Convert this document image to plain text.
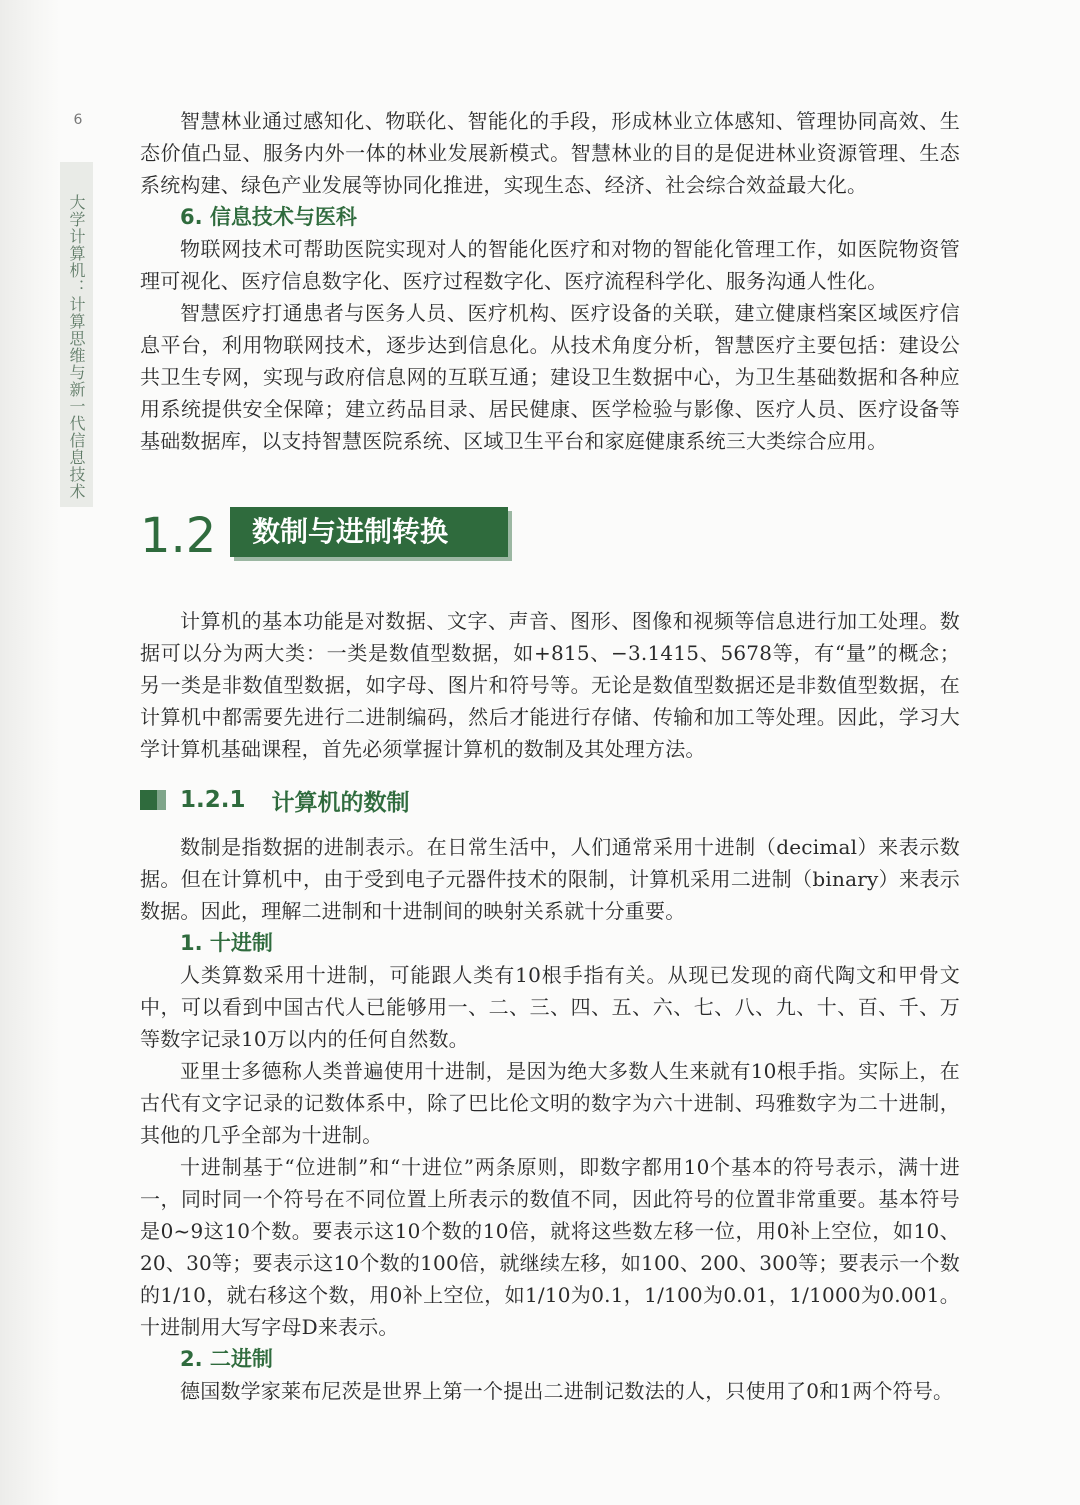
6
大学计算机：计算思维与新一代信息技术

智慧林业通过感知化、物联化、智能化的手段，形成林业立体感知、管理协同高效、生态价值凸显、服务内外一体的林业发展新模式。智慧林业的目的是促进林业资源管理、生态系统构建、绿色产业发展等协同化推进，实现生态、经济、社会综合效益最大化。

6. 信息技术与医科

物联网技术可帮助医院实现对人的智能化医疗和对物的智能化管理工作，如医院物资管理可视化、医疗信息数字化、医疗过程数字化、医疗流程科学化、服务沟通人性化。

智慧医疗打通患者与医务人员、医疗机构、医疗设备的关联，建立健康档案区域医疗信息平台，利用物联网技术，逐步达到信息化。从技术角度分析，智慧医疗主要包括：建设公共卫生专网，实现与政府信息网的互联互通；建设卫生数据中心，为卫生基础数据和各种应用系统提供安全保障；建立药品目录、居民健康、医学检验与影像、医疗人员、医疗设备等基础数据库，以支持智慧医院系统、区域卫生平台和家庭健康系统三大类综合应用。

1.2	数制与进制转换

计算机的基本功能是对数据、文字、声音、图形、图像和视频等信息进行加工处理。数据可以分为两大类：一类是数值型数据，如+815、−3.1415、5678等，有“量”的概念；另一类是非数值型数据，如字母、图片和符号等。无论是数值型数据还是非数值型数据，在计算机中都需要先进行二进制编码，然后才能进行存储、传输和加工等处理。因此，学习大学计算机基础课程，首先必须掌握计算机的数制及其处理方法。

1.2.1 计算机的数制

数制是指数据的进制表示。在日常生活中，人们通常采用十进制（decimal）来表示数据。但在计算机中，由于受到电子元器件技术的限制，计算机采用二进制（binary）来表示数据。因此，理解二进制和十进制间的映射关系就十分重要。

1. 十进制

人类算数采用十进制，可能跟人类有10根手指有关。从现已发现的商代陶文和甲骨文中，可以看到中国古代人已能够用一、二、三、四、五、六、七、八、九、十、百、千、万等数字记录10万以内的任何自然数。

亚里士多德称人类普遍使用十进制，是因为绝大多数人生来就有10根手指。实际上，在古代有文字记录的记数体系中，除了巴比伦文明的数字为六十进制、玛雅数字为二十进制，其他的几乎全部为十进制。

十进制基于“位进制”和“十进位”两条原则，即数字都用10个基本的符号表示，满十进一，同时同一个符号在不同位置上所表示的数值不同，因此符号的位置非常重要。基本符号是0~9这10个数。要表示这10个数的10倍，就将这些数左移一位，用0补上空位，如10、20、30等；要表示这10个数的100倍，就继续左移，如100、200、300等；要表示一个数的1/10，就右移这个数，用0补上空位，如1/10为0.1，1/100为0.01，1/1000为0.001。十进制用大写字母D来表示。

2. 二进制

德国数学家莱布尼茨是世界上第一个提出二进制记数法的人，只使用了0和1两个符号。
